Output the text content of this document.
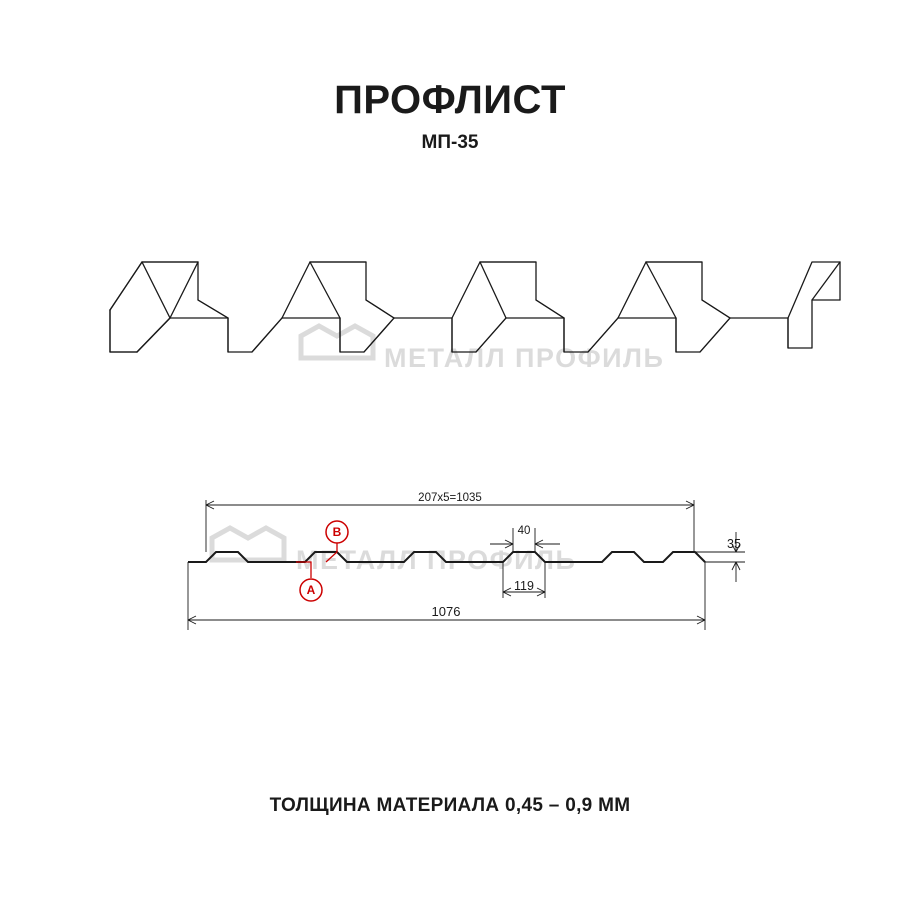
ПРОФЛИСТ
МП-35
МЕТАЛЛ ПРОФИЛЬ
МЕТАЛЛ ПРОФИЛЬ
207x5=1035
1076
40
119
35
A
B
ТОЛЩИНА МАТЕРИАЛА 0,45 – 0,9 ММ
